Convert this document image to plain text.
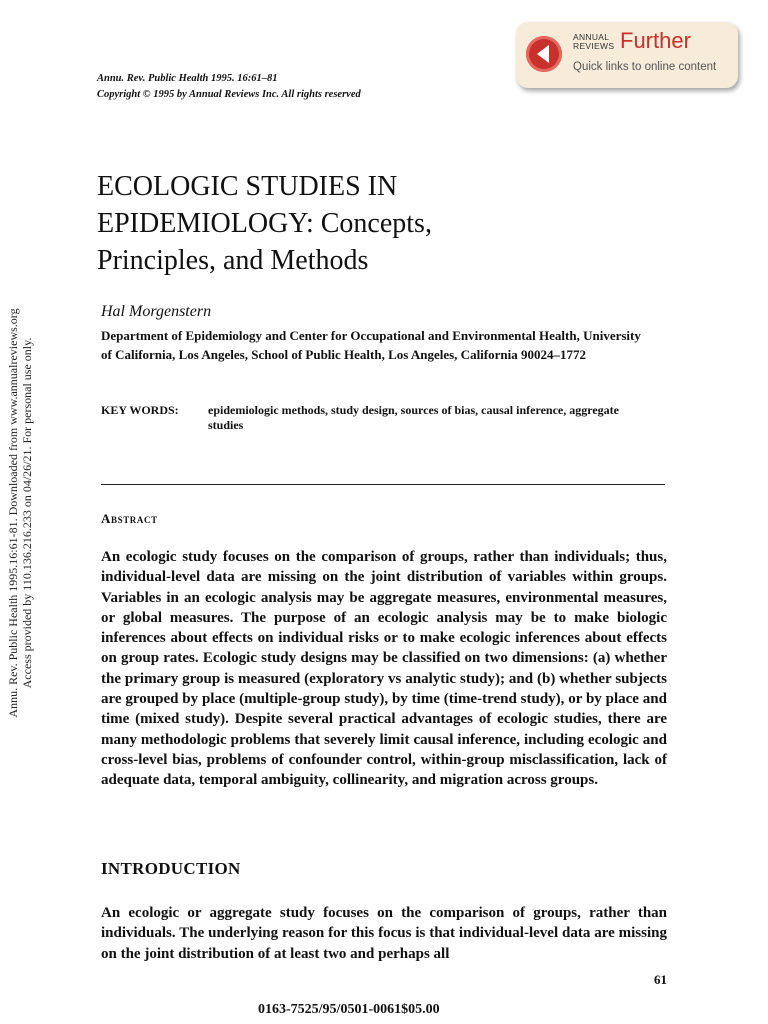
Annu. Rev. Public Health 1995. 16:61–81
Copyright © 1995 by Annual Reviews Inc. All rights reserved
ANNUAL
REVIEWS Further
Quick links to online content
Annu. Rev. Public Health 1995.16:61-81. Downloaded from www.annualreviews.org Access provided by 110.136.216.233 on 04/26/21. For personal use only.
ECOLOGIC STUDIES IN
EPIDEMIOLOGY: Concepts,
Principles, and Methods
Hal Morgenstern
Department of Epidemiology and Center for Occupational and Environmental Health, University of California, Los Angeles, School of Public Health, Los Angeles, California 90024–1772
KEY WORDS: epidemiologic methods, study design, sources of bias, causal inference, aggregate studies
Abstract
An ecologic study focuses on the comparison of groups, rather than individuals; thus, individual-level data are missing on the joint distribution of variables within groups. Variables in an ecologic analysis may be aggregate measures, environmental measures, or global measures. The purpose of an ecologic analysis may be to make biologic inferences about effects on individual risks or to make ecologic inferences about effects on group rates. Ecologic study designs may be classified on two dimensions: (a) whether the primary group is measured (exploratory vs analytic study); and (b) whether subjects are grouped by place (multiple-group study), by time (time-trend study), or by place and time (mixed study). Despite several practical advantages of ecologic studies, there are many methodologic problems that severely limit causal inference, including ecologic and cross-level bias, problems of confounder control, within-group misclassification, lack of adequate data, temporal ambiguity, collinearity, and migration across groups.
INTRODUCTION
An ecologic or aggregate study focuses on the comparison of groups, rather than individuals. The underlying reason for this focus is that individual-level data are missing on the joint distribution of at least two and perhaps all
61
0163-7525/95/0501-0061$05.00
